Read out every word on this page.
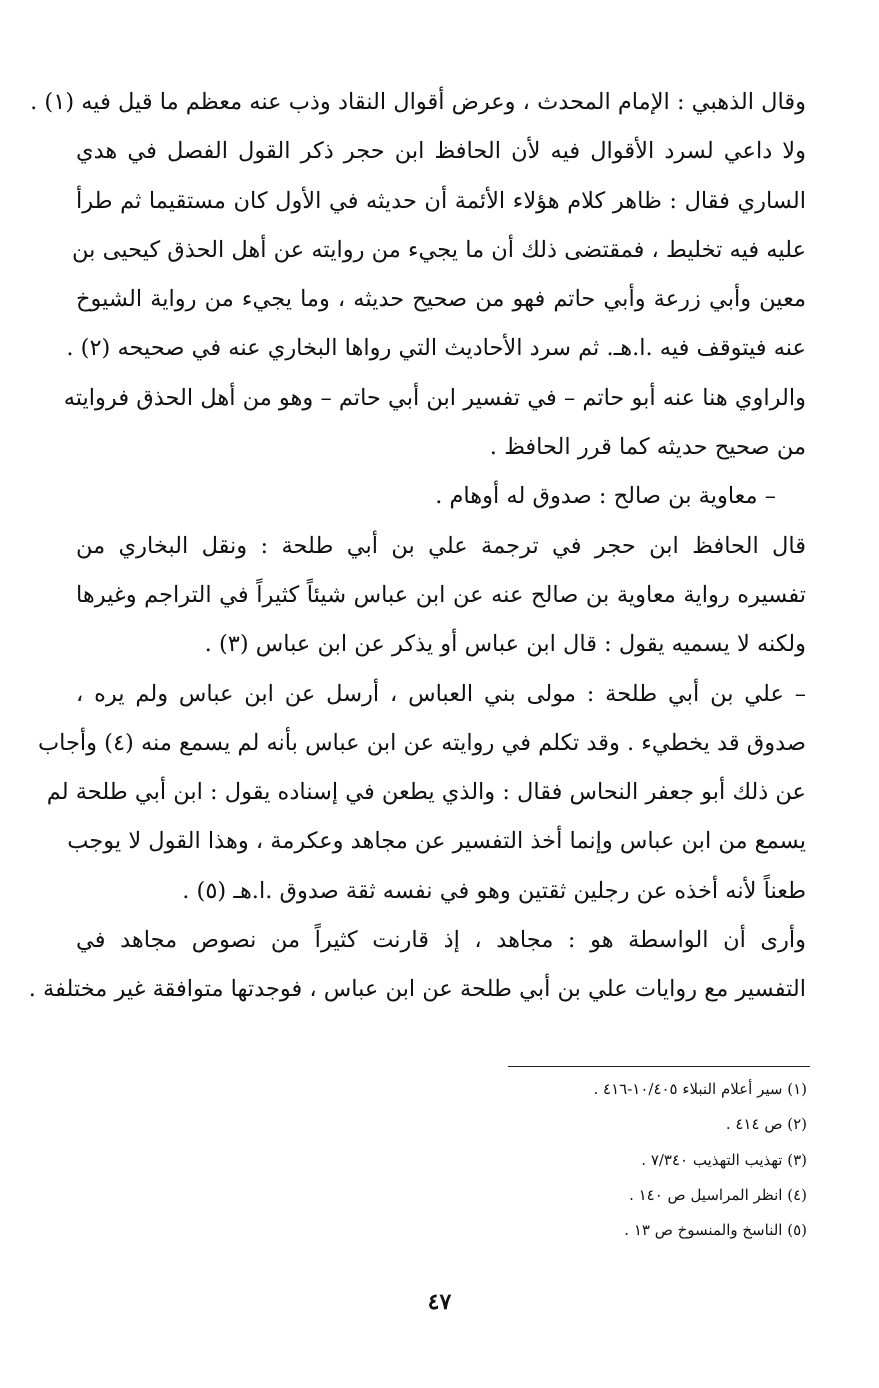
وقال الذهبي : الإمام المحدث ، وعرض أقوال النقاد وذب عنه معظم ما قيل فيه (١) .
ولا داعي لسرد الأقوال فيه لأن الحافظ ابن حجر ذكر القول الفصل في هدي
الساري فقال : ظاهر كلام هؤلاء الأئمة أن حديثه في الأول كان مستقيما ثم طرأ
عليه فيه تخليط ، فمقتضى ذلك أن ما يجيء من روايته عن أهل الحذق كيحيى بن
معين وأبي زرعة وأبي حاتم فهو من صحيح حديثه ، وما يجيء من رواية الشيوخ
عنه فيتوقف فيه .ا.هـ. ثم سرد الأحاديث التي رواها البخاري عنه في صحيحه (٢) .
والراوي هنا عنه أبو حاتم – في تفسير ابن أبي حاتم – وهو من أهل الحذق فروايته
من صحيح حديثه كما قرر الحافظ .
– معاوية بن صالح : صدوق له أوهام .
قال الحافظ ابن حجر في ترجمة علي بن أبي طلحة : ونقل البخاري من
تفسيره رواية معاوية بن صالح عنه عن ابن عباس شيئاً كثيراً في التراجم وغيرها
ولكنه لا يسميه يقول : قال ابن عباس أو يذكر عن ابن عباس (٣) .
– علي بن أبي طلحة : مولى بني العباس ، أرسل عن ابن عباس ولم يره ،
صدوق قد يخطيء . وقد تكلم في روايته عن ابن عباس بأنه لم يسمع منه (٤) وأجاب
عن ذلك أبو جعفر النحاس فقال : والذي يطعن في إسناده يقول : ابن أبي طلحة لم
يسمع من ابن عباس وإنما أخذ التفسير عن مجاهد وعكرمة ، وهذا القول لا يوجب
طعناً لأنه أخذه عن رجلين ثقتين وهو في نفسه ثقة صدوق .ا.هـ (٥) .
وأرى أن الواسطة هو : مجاهد ، إذ قارنت كثيراً من نصوص مجاهد في
التفسير مع روايات علي بن أبي طلحة عن ابن عباس ، فوجدتها متوافقة غير مختلفة .
(١) سير أعلام النبلاء ١٠/٤٠٥-٤١٦ .
(٢) ص ٤١٤ .
(٣) تهذيب التهذيب ٧/٣٤٠ .
(٤) انظر المراسيل ص ١٤٠ .
(٥) الناسخ والمنسوخ ص ١٣ .
٤٧
